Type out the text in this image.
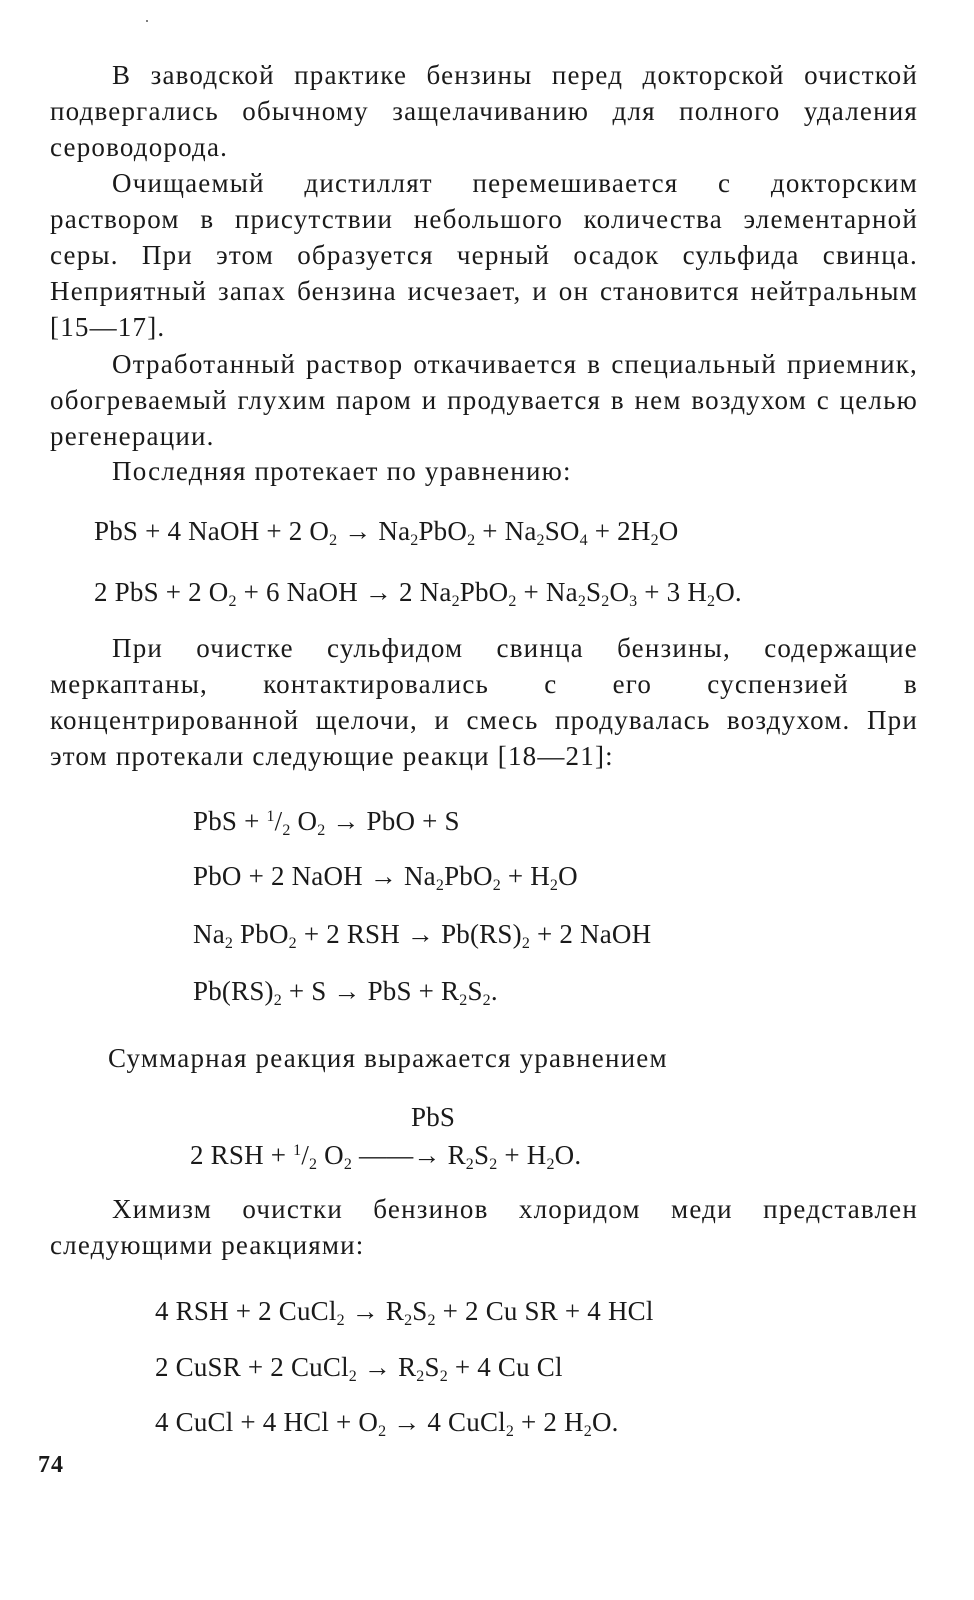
В заводской практике бензины перед докторской очисткой подвергались обычному защелачиванию для полного удаления сероводорода.

Очищаемый дистиллят перемешивается с докторским раствором в присутствии небольшого количества элементарной серы. При этом образуется черный осадок сульфида свинца. Неприятный запах бензина исчезает, и он становится нейтральным [15—17].

Отработанный раствор откачивается в специальный приемник, обогреваемый глухим паром и продувается в нем воздухом с целью регенерации.

Последняя протекает по уравнению:

PbS + 4 NaOH + 2 $O_2 \to Na_2PbO_2 + Na_2SO_4 + 2H_2O$
2 PbS + 2 $O_2 + 6$ NaOH → 2 $Na_2PbO_2 + Na_2S_2O_3 + 3$ $H_2O$.

При очистке сульфидом свинца бензины, содержащие меркаптаны, контактировались с его суспензией в концентрированной щелочи, и смесь продувалась воздухом. При этом протекали следующие реакци [18—21]:

PbS + $^1/_2$ $O_2$ → PbO + S
PbO + 2 NaOH → $Na_2PbO_2 + H_2O$
$Na_2$ PbO$_2$ + 2 RSH → $Pb(RS)_2 + 2$ NaOH
$Pb(RS)_2 + S$ → PbS + $R_2S_2$.

Суммарная реакция выражается уравнением

PbS
2 RSH + $^1/_2$ $O_2$ ——→ $R_2S_2 + H_2O$.

Химизм очистки бензинов хлоридом меди представлен следующими реакциями:

4 RSH + 2 CuCl$_2$ → $R_2S_2 + 2$ Cu SR + 4 HCl
2 CuSR + 2 CuCl$_2$ → $R_2S_2 + 4$ Cu Cl
4 CuCl + 4 HCl + $O_2 \to 4$ CuCl$_2$ + 2 $H_2O$.
74
